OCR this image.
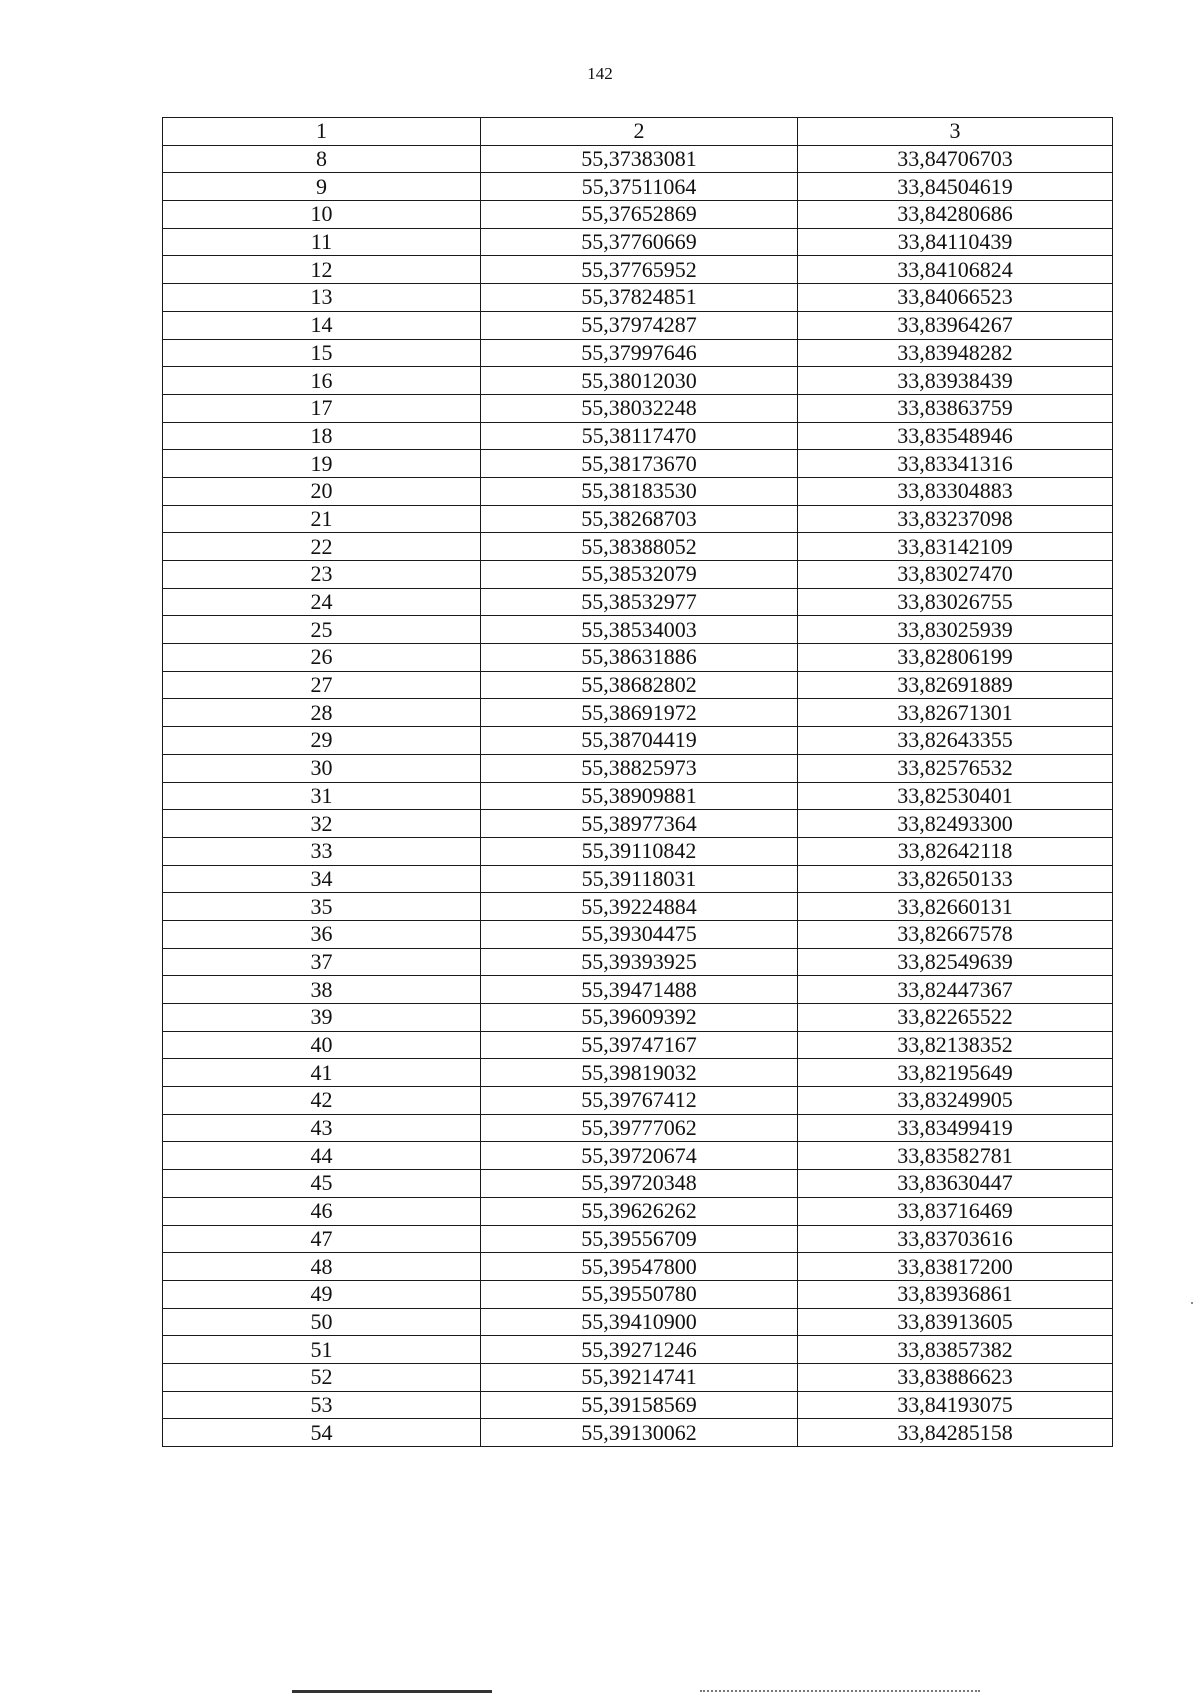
142
1	2	3
8	55,37383081	33,84706703
9	55,37511064	33,84504619
10	55,37652869	33,84280686
11	55,37760669	33,84110439
12	55,37765952	33,84106824
13	55,37824851	33,84066523
14	55,37974287	33,83964267
15	55,37997646	33,83948282
16	55,38012030	33,83938439
17	55,38032248	33,83863759
18	55,38117470	33,83548946
19	55,38173670	33,83341316
20	55,38183530	33,83304883
21	55,38268703	33,83237098
22	55,38388052	33,83142109
23	55,38532079	33,83027470
24	55,38532977	33,83026755
25	55,38534003	33,83025939
26	55,38631886	33,82806199
27	55,38682802	33,82691889
28	55,38691972	33,82671301
29	55,38704419	33,82643355
30	55,38825973	33,82576532
31	55,38909881	33,82530401
32	55,38977364	33,82493300
33	55,39110842	33,82642118
34	55,39118031	33,82650133
35	55,39224884	33,82660131
36	55,39304475	33,82667578
37	55,39393925	33,82549639
38	55,39471488	33,82447367
39	55,39609392	33,82265522
40	55,39747167	33,82138352
41	55,39819032	33,82195649
42	55,39767412	33,83249905
43	55,39777062	33,83499419
44	55,39720674	33,83582781
45	55,39720348	33,83630447
46	55,39626262	33,83716469
47	55,39556709	33,83703616
48	55,39547800	33,83817200
49	55,39550780	33,83936861
50	55,39410900	33,83913605
51	55,39271246	33,83857382
52	55,39214741	33,83886623
53	55,39158569	33,84193075
54	55,39130062	33,84285158
